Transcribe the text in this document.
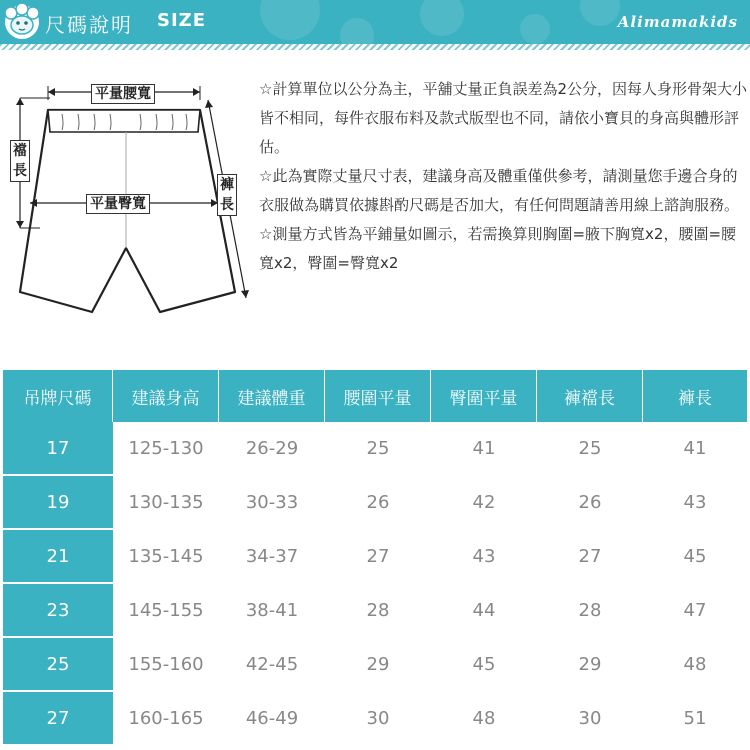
尺碼說明 SIZE	Alimamakids
平量腰寬
平量臀寬
襠長
褲長

☆計算單位以公分為主，平舖丈量正負誤差為2公分，因每人身形骨架大小皆不相同，每件衣服布料及款式版型也不同，請依小寶貝的身高與體形評估。

☆此為實際丈量尺寸表，建議身高及體重僅供參考，請測量您手邊合身的衣服做為購買依據斟酌尺碼是否加大，有任何問題請善用線上諮詢服務。

☆測量方式皆為平鋪量如圖示，若需換算則胸圍=腋下胸寬x2，腰圍=腰寬x2，臀圍=臀寬x2

吊牌尺碼	建議身高	建議體重	腰圍平量	臀圍平量	褲襠長	褲長
17	125-130	26-29	25	41	25	41
19	130-135	30-33	26	42	26	43
21	135-145	34-37	27	43	27	45
23	145-155	38-41	28	44	28	47
25	155-160	42-45	29	45	29	48
27	160-165	46-49	30	48	30	51
